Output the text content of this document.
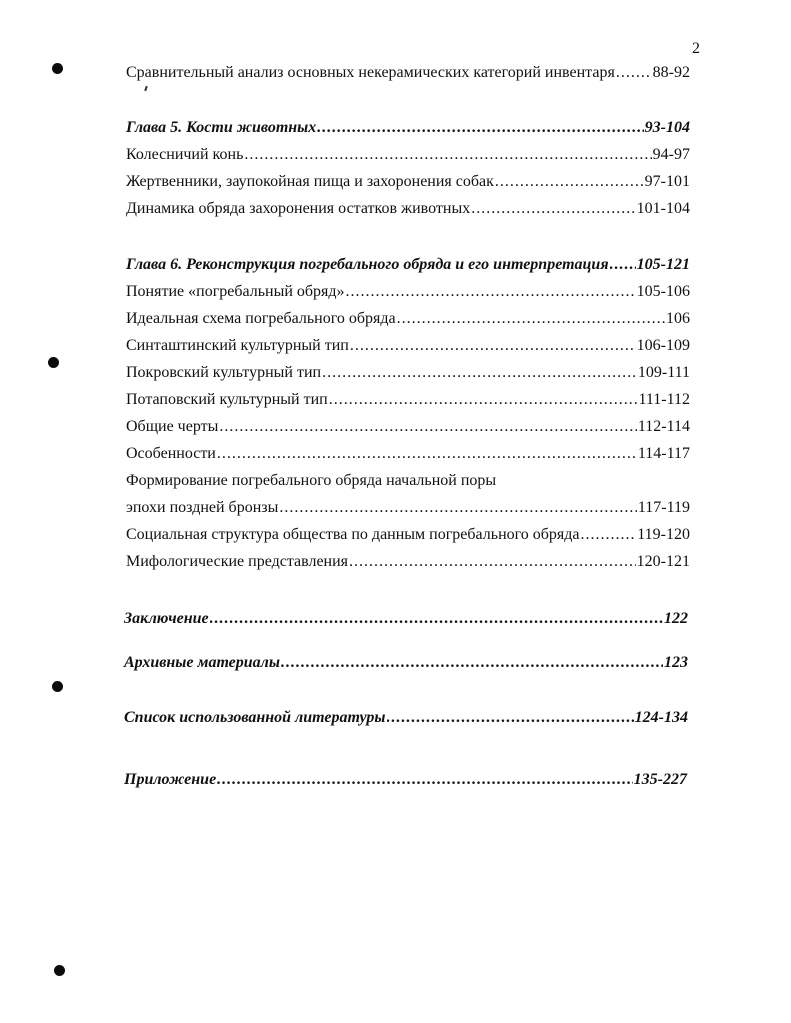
2
Сравнительный анализ основных некерамических категорий инвентаря ..... 88-92
Глава 5. Кости животных .....	93-104
Колесничий конь .....	94-97
Жертвенники, заупокойная пища и захоронения собак .....	97-101
Динамика обряда захоронения остатков животных .....	101-104
Глава 6. Реконструкция погребального обряда и его интерпретация ..... 105-121
Понятие «погребальный обряд» .....	105-106
Идеальная схема погребального обряда .....	106
Синташтинский культурный тип .....	106-109
Покровский культурный тип .....	109-111
Потаповский культурный тип .....	111-112
Общие черты .....	112-114
Особенности .....	114-117
Формирование погребального обряда начальной поры
эпохи поздней бронзы .....	117-119
Социальная структура общества по данным погребального обряда .....	119-120
Мифологические представления .....	120-121
Заключение .....	122
Архивные материалы .....	123
Список использованной литературы .....	124-134
Приложение .....	135-227
